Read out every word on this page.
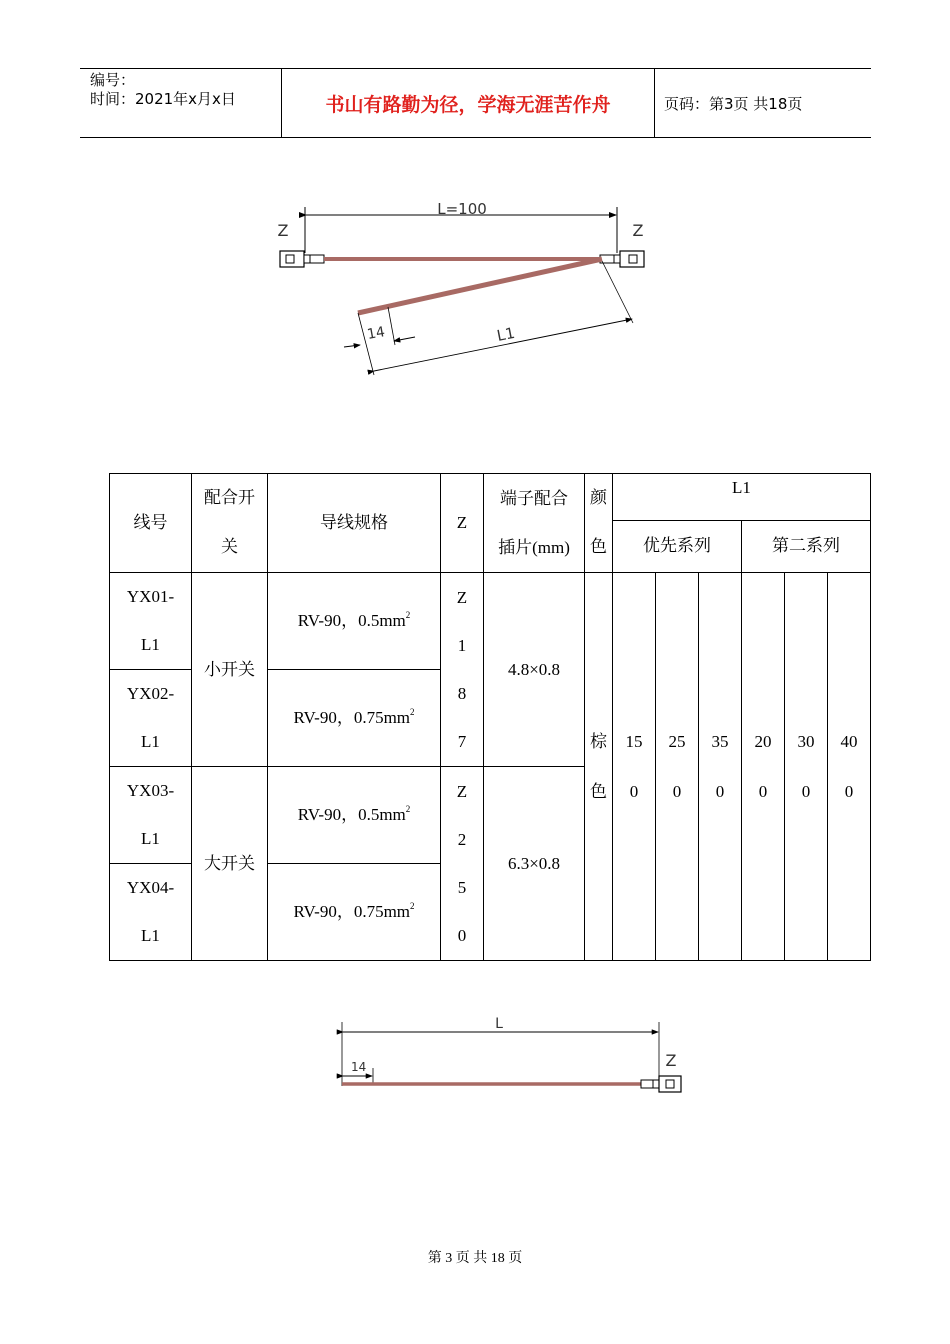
编号：
时间：2021年x月x日	书山有路勤为径，学海无涯苦作舟	页码：第3页 共18页
L=100
Z	Z
L1
14
线号	配合开关	导线规格	Z	端子配合插片(mm)	颜色	L1					
						优先系列			第二系列		

YX01-L1	小开关	RV-90，$0.5mm^2$	Z187	4.8×0.8	棕色	150	250	350	200	300	400

YX02-L1		RV-90，$0.75mm^2$

YX03-L1	大开关	RV-90，$0.5mm^2$	Z250	6.3×0.8							

YX04-L1		RV-90，$0.75mm^2$
L
14	Z
第 3 页 共 18 页
